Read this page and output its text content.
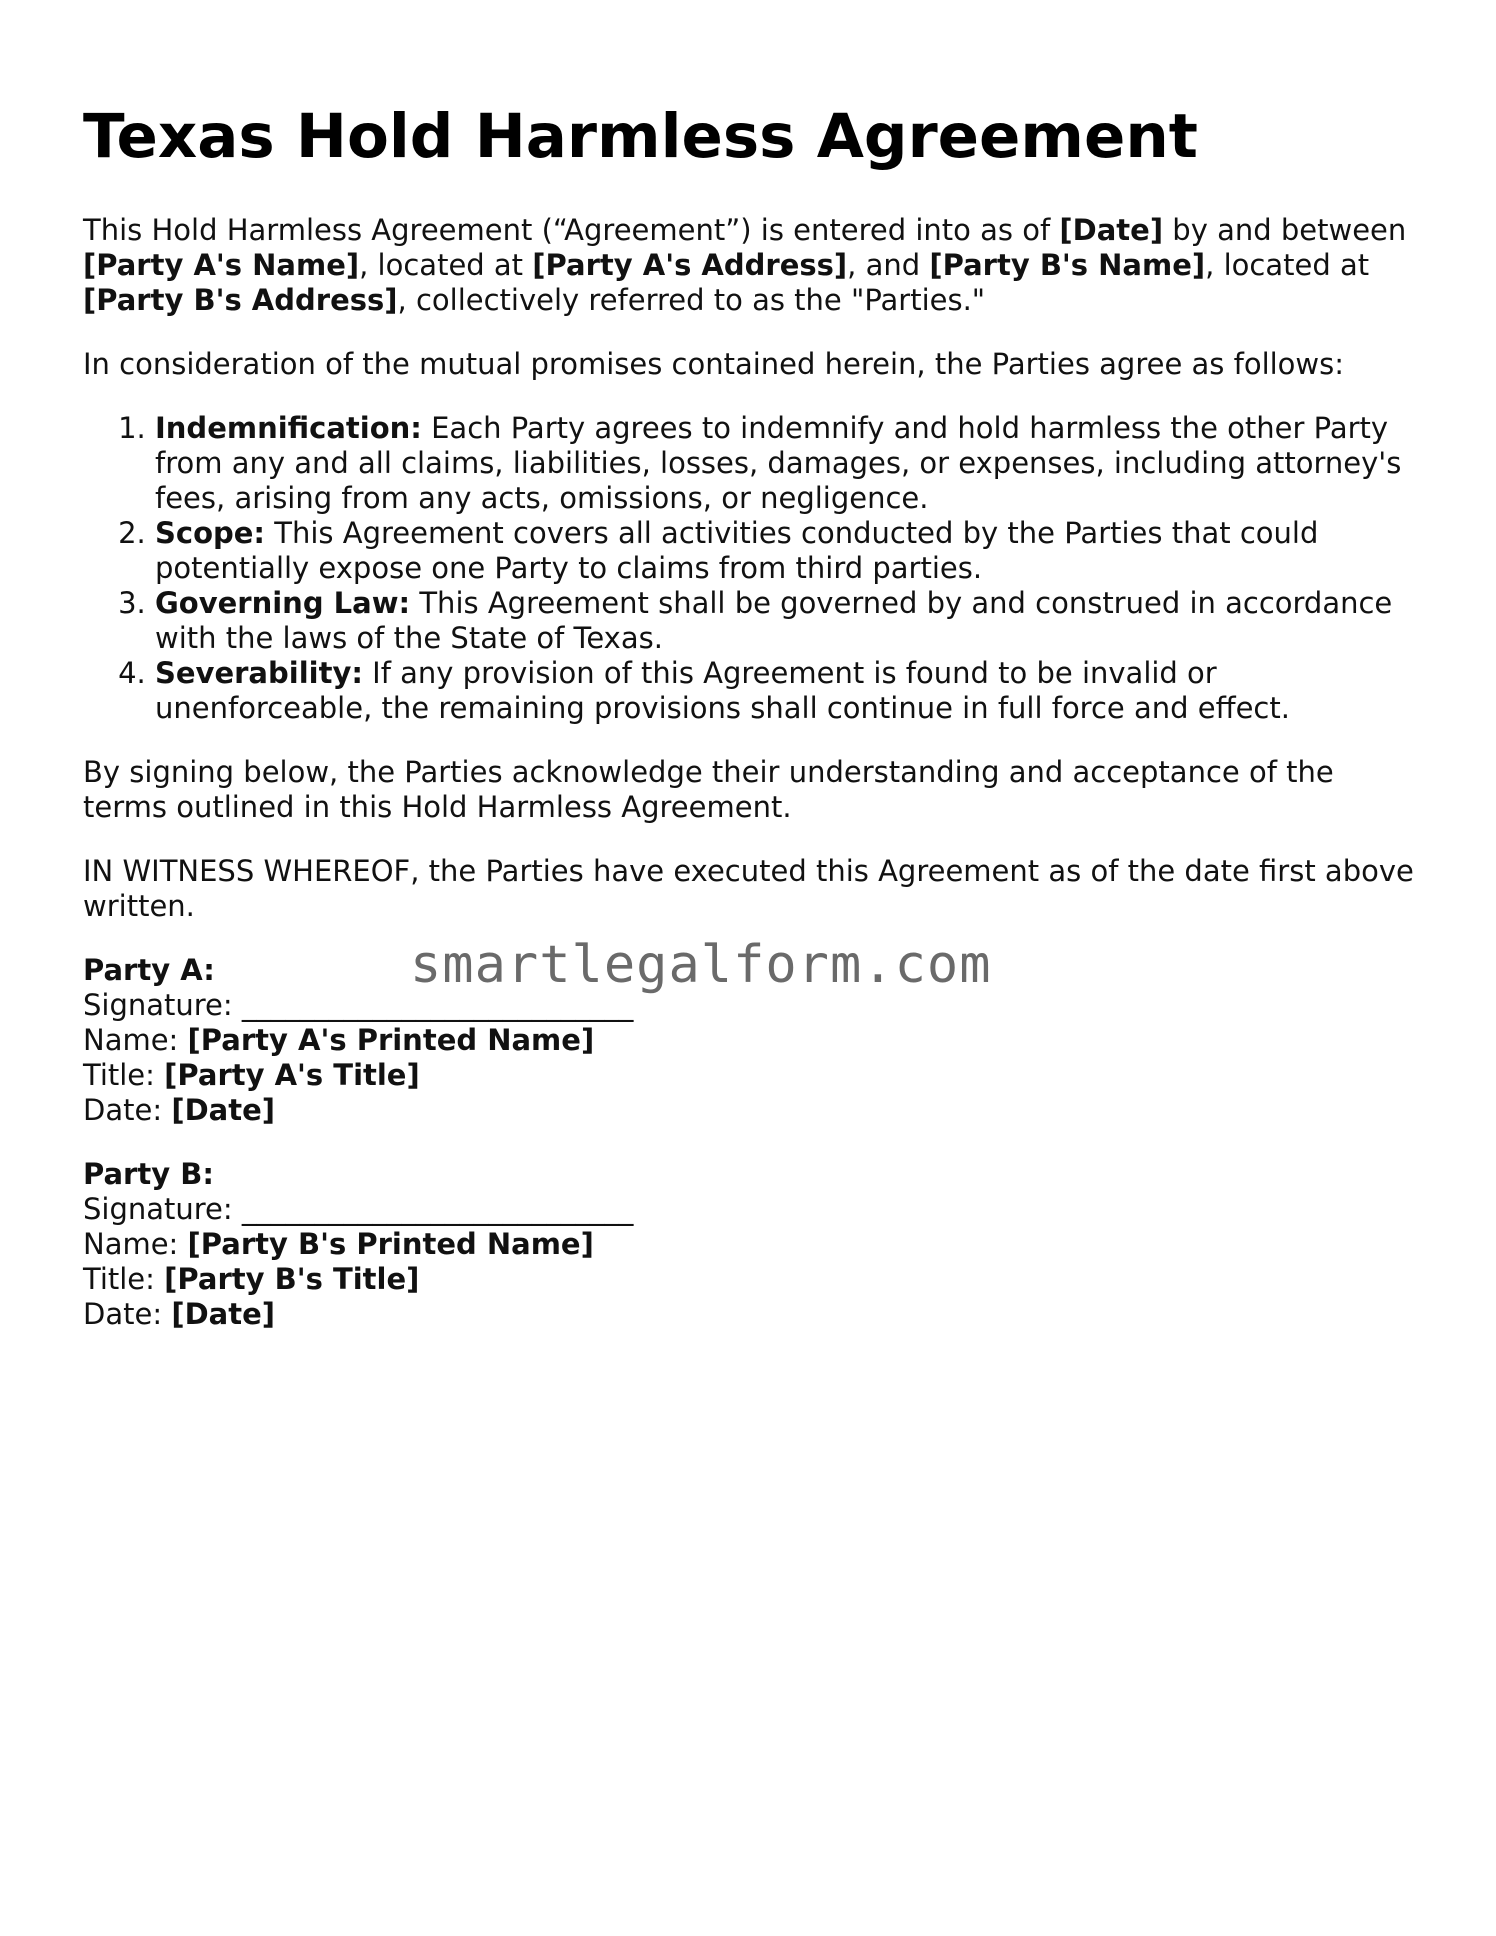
Texas Hold Harmless Agreement

This Hold Harmless Agreement (“Agreement”) is entered into as of [Date] by and between [Party A's Name], located at [Party A's Address], and [Party B's Name], located at [Party B's Address], collectively referred to as the "Parties."

In consideration of the mutual promises contained herein, the Parties agree as follows:

1. Indemnification: Each Party agrees to indemnify and hold harmless the other Party from any and all claims, liabilities, losses, damages, or expenses, including attorney's fees, arising from any acts, omissions, or negligence.
2. Scope: This Agreement covers all activities conducted by the Parties that could potentially expose one Party to claims from third parties.
3. Governing Law: This Agreement shall be governed by and construed in accordance with the laws of the State of Texas.
4. Severability: If any provision of this Agreement is found to be invalid or unenforceable, the remaining provisions shall continue in full force and effect.

By signing below, the Parties acknowledge their understanding and acceptance of the terms outlined in this Hold Harmless Agreement.

IN WITNESS WHEREOF, the Parties have executed this Agreement as of the date first above written.

Party A:
Signature: ___________________________
Name: [Party A's Printed Name]
Title: [Party A's Title]
Date: [Date]
Party B:
Signature: ___________________________
Name: [Party B's Printed Name]
Title: [Party B's Title]
Date: [Date]
smartlegalform.com
